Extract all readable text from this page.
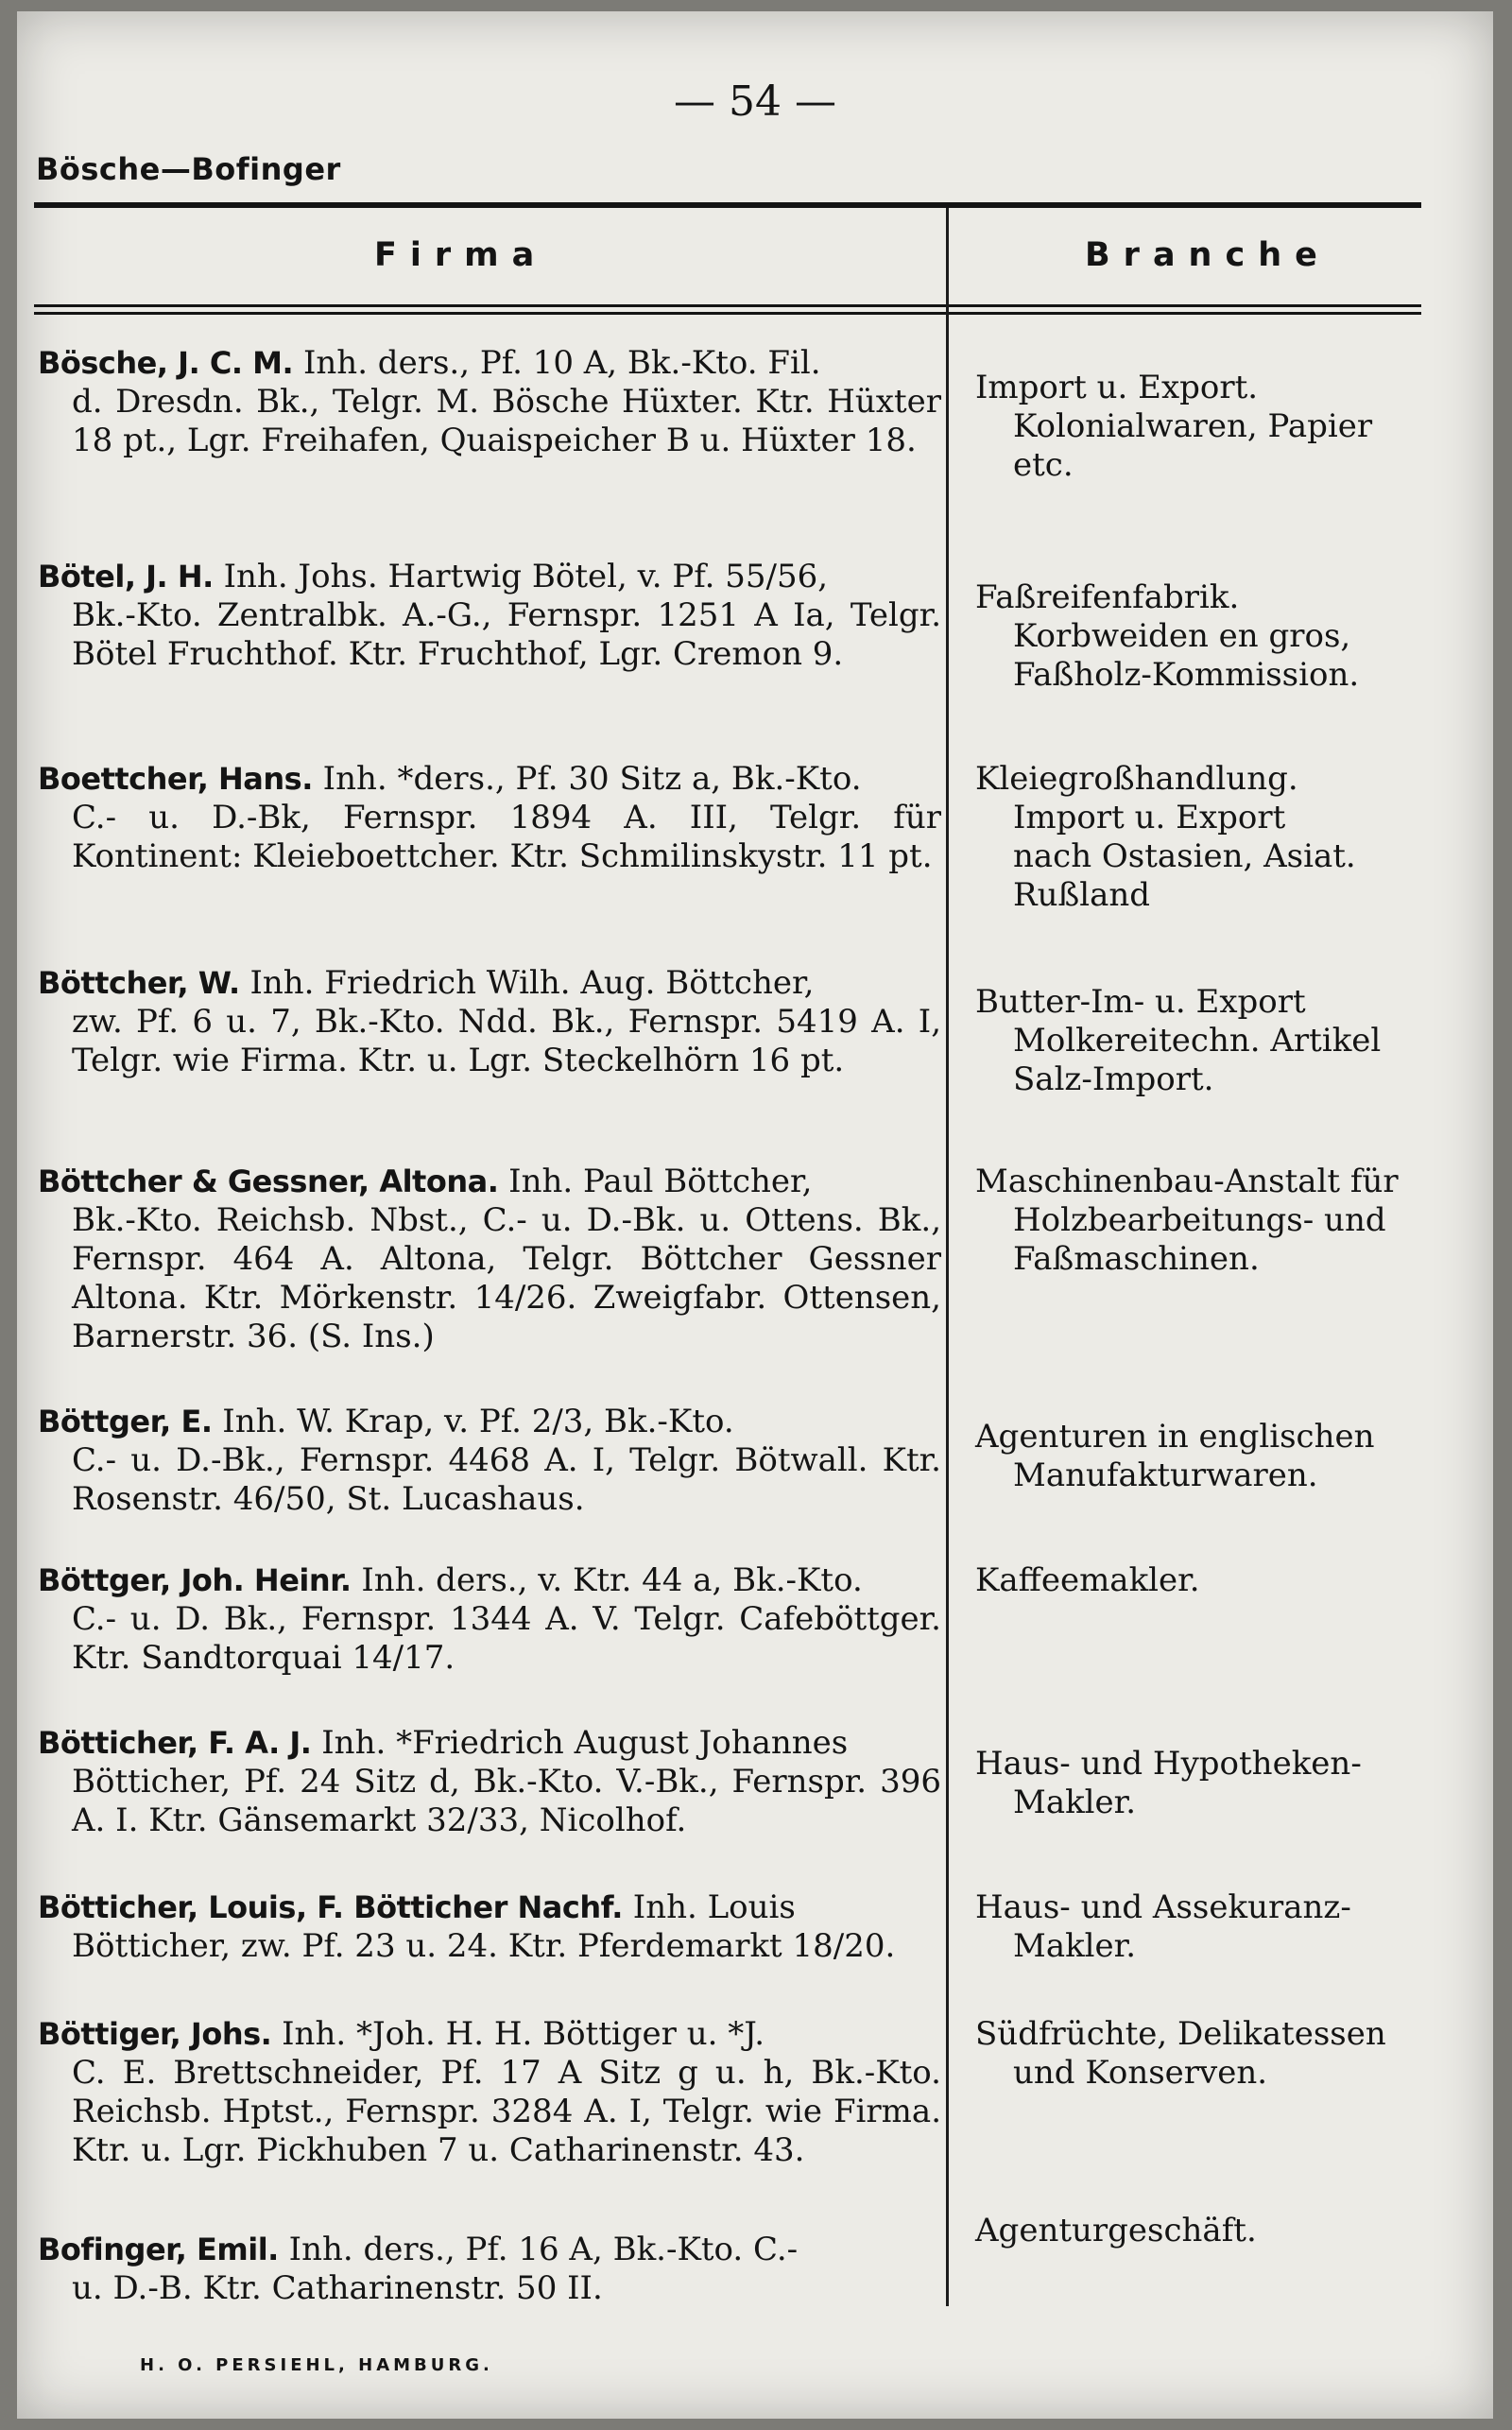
— 54 —
Bösche—Bofinger
Firma	Branche
Bösche, J. C. M. Inh. ders., Pf. 10 A, Bk.-Kto. Fil.
d. Dresdn. Bk., Telgr. M. Bösche Hüxter. Ktr. Hüxter 18 pt., Lgr. Freihafen, Quaispeicher B u. Hüxter 18.
Import u. Export.
Kolonialwaren, Papier
etc.
Bötel, J. H. Inh. Johs. Hartwig Bötel, v. Pf. 55/56,
Bk.-Kto. Zentralbk. A.-G., Fernspr. 1251 A Ia, Telgr. Bötel Fruchthof. Ktr. Fruchthof, Lgr. Cremon 9.
Faßreifenfabrik.
Korbweiden en gros,
Faßholz-Kommission.
Boettcher, Hans. Inh. *ders., Pf. 30 Sitz a, Bk.-Kto.
C.- u. D.-Bk, Fernspr. 1894 A. III, Telgr. für Kontinent: Kleieboettcher. Ktr. Schmilinskystr. 11 pt.
Kleiegroßhandlung.
Import u. Export
nach Ostasien, Asiat.
Rußland
Böttcher, W. Inh. Friedrich Wilh. Aug. Böttcher,
zw. Pf. 6 u. 7, Bk.-Kto. Ndd. Bk., Fernspr. 5419 A. I, Telgr. wie Firma. Ktr. u. Lgr. Steckelhörn 16 pt.
Butter-Im- u. Export
Molkereitechn. Artikel
Salz-Import.
Böttcher & Gessner, Altona. Inh. Paul Böttcher,
Bk.-Kto. Reichsb. Nbst., C.- u. D.-Bk. u. Ottens. Bk., Fernspr. 464 A. Altona, Telgr. Böttcher Gessner Altona. Ktr. Mörkenstr. 14/26. Zweigfabr. Ottensen, Barnerstr. 36. (S. Ins.)
Maschinenbau-Anstalt für
Holzbearbeitungs- und
Faßmaschinen.
Böttger, E. Inh. W. Krap, v. Pf. 2/3, Bk.-Kto.
C.- u. D.-Bk., Fernspr. 4468 A. I, Telgr. Bötwall. Ktr. Rosenstr. 46/50, St. Lucashaus.
Agenturen in englischen
Manufakturwaren.
Böttger, Joh. Heinr. Inh. ders., v. Ktr. 44 a, Bk.-Kto.
C.- u. D. Bk., Fernspr. 1344 A. V. Telgr. Cafeböttger. Ktr. Sandtorquai 14/17.
Kaffeemakler.
Bötticher, F. A. J. Inh. *Friedrich August Johannes
Bötticher, Pf. 24 Sitz d, Bk.-Kto. V.-Bk., Fernspr. 396 A. I. Ktr. Gänsemarkt 32/33, Nicolhof.
Haus- und Hypotheken-
Makler.
Bötticher, Louis, F. Bötticher Nachf. Inh. Louis
Bötticher, zw. Pf. 23 u. 24. Ktr. Pferdemarkt 18/20.
Haus- und Assekuranz-
Makler.
Böttiger, Johs. Inh. *Joh. H. H. Böttiger u. *J.
C. E. Brettschneider, Pf. 17 A Sitz g u. h, Bk.-Kto. Reichsb. Hptst., Fernspr. 3284 A. I, Telgr. wie Firma. Ktr. u. Lgr. Pickhuben 7 u. Catharinenstr. 43.
Südfrüchte, Delikatessen
und Konserven.
Bofinger, Emil. Inh. ders., Pf. 16 A, Bk.-Kto. C.-
u. D.-B. Ktr. Catharinenstr. 50 II.
Agenturgeschäft.
H. O. PERSIEHL, HAMBURG.
